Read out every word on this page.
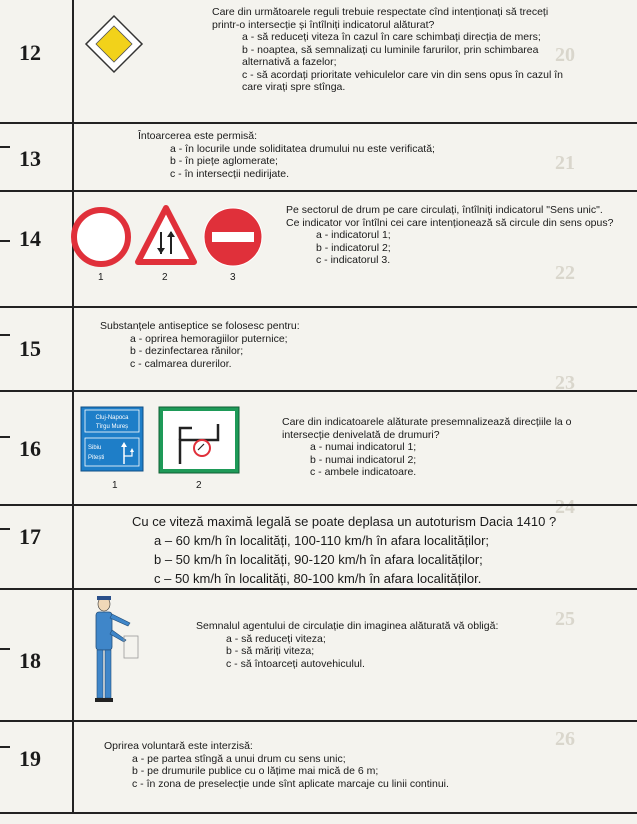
20
21
22
23
24
25
26
12
Care din următoarele reguli trebuie respectate cînd intenționați să treceți printr-o intersecție și întîlniți indicatorul alăturat?
a - să reduceți viteza în cazul în care schimbați direcția de mers;
b - noaptea, să semnalizați cu luminile farurilor, prin schimbarea alternativă a fazelor;
c - să acordați prioritate vehiculelor care vin din sens opus în cazul în care virați spre stînga.
13
Întoarcerea este permisă:
a - în locurile unde soliditatea drumului nu este verificată;
b - în piețe aglomerate;
c - în intersecții nedirijate.
14
1	2	3
Pe sectorul de drum pe care circulați, întîlniți indicatorul "Sens unic". Ce indicator vor întîlni cei care intenționează să circule din sens opus?
a - indicatorul 1;
b - indicatorul 2;
c - indicatorul 3.
15
Substanțele antiseptice se folosesc pentru:
a - oprirea hemoragiilor puternice;
b - dezinfectarea rănilor;
c - calmarea durerilor.
16
Cluj-Napoca
Tîrgu Mureș
Sibiu
Pitești
1	2
Care din indicatoarele alăturate presemnalizează direcțiile la o intersecție denivelată de drumuri?
a - numai indicatorul 1;
b - numai indicatorul 2;
c - ambele indicatoare.
17
Cu ce viteză maximă legală se poate deplasa un autoturism Dacia 1410 ?
a – 60 km/h în localități, 100-110 km/h în afara localităților;
b – 50 km/h în localități, 90-120 km/h în afara localităților;
c – 50 km/h în localități, 80-100 km/h în afara localităților.
18
Semnalul agentului de circulație din imaginea alăturată vă obligă:
a - să reduceți viteza;
b - să măriți viteza;
c - să întoarceți autovehiculul.
19	Oprirea voluntară este interzisă:
a - pe partea stîngă a unui drum cu sens unic;
b - pe drumurile publice cu o lățime mai mică de 6 m;
c - în zona de preselecție unde sînt aplicate marcaje cu linii continui.
